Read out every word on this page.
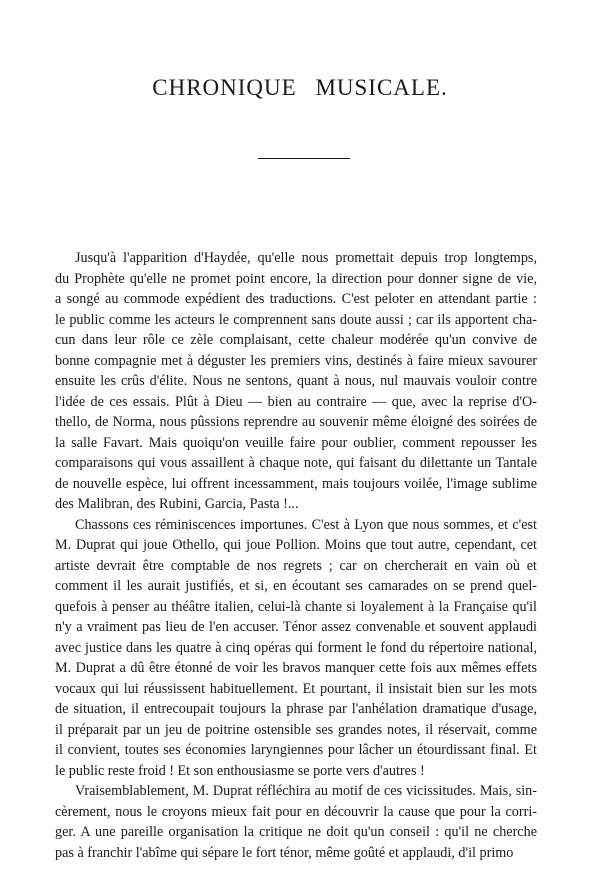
CHRONIQUE MUSICALE.
Jusqu'à l'apparition d'Haydée, qu'elle nous promettait depuis trop longtemps,
du Prophète qu'elle ne promet point encore, la direction pour donner signe de vie,
a songé au commode expédient des traductions. C'est peloter en attendant partie :
le public comme les acteurs le comprennent sans doute aussi ; car ils apportent cha-
cun dans leur rôle ce zèle complaisant, cette chaleur modérée qu'un convive de
bonne compagnie met à déguster les premiers vins, destinés à faire mieux savourer
ensuite les crûs d'élite. Nous ne sentons, quant à nous, nul mauvais vouloir contre
l'idée de ces essais. Plût à Dieu — bien au contraire — que, avec la reprise d'O-
thello, de Norma, nous pûssions reprendre au souvenir même éloigné des soirées de
la salle Favart. Mais quoiqu'on veuille faire pour oublier, comment repousser les
comparaisons qui vous assaillent à chaque note, qui faisant du dilettante un Tantale
de nouvelle espèce, lui offrent incessamment, mais toujours voilée, l'image sublime
des Malibran, des Rubini, Garcia, Pasta !...
Chassons ces réminiscences importunes. C'est à Lyon que nous sommes, et c'est
M. Duprat qui joue Othello, qui joue Pollion. Moins que tout autre, cependant, cet
artiste devrait être comptable de nos regrets ; car on chercherait en vain où et
comment il les aurait justifiés, et si, en écoutant ses camarades on se prend quel-
quefois à penser au théâtre italien, celui-là chante si loyalement à la Française qu'il
n'y a vraiment pas lieu de l'en accuser. Ténor assez convenable et souvent applaudi
avec justice dans les quatre à cinq opéras qui forment le fond du répertoire national,
M. Duprat a dû être étonné de voir les bravos manquer cette fois aux mêmes effets
vocaux qui lui réussissent habituellement. Et pourtant, il insistait bien sur les mots
de situation, il entrecoupait toujours la phrase par l'anhélation dramatique d'usage,
il préparait par un jeu de poitrine ostensible ses grandes notes, il réservait, comme
il convient, toutes ses économies laryngiennes pour lâcher un étourdissant final. Et
le public reste froid ! Et son enthousiasme se porte vers d'autres !
Vraisemblablement, M. Duprat réfléchira au motif de ces vicissitudes. Mais, sin-
cèrement, nous le croyons mieux fait pour en découvrir la cause que pour la corri-
ger. A une pareille organisation la critique ne doit qu'un conseil : qu'il ne cherche
pas à franchir l'abîme qui sépare le fort ténor, même goûté et applaudi, d'il primo
